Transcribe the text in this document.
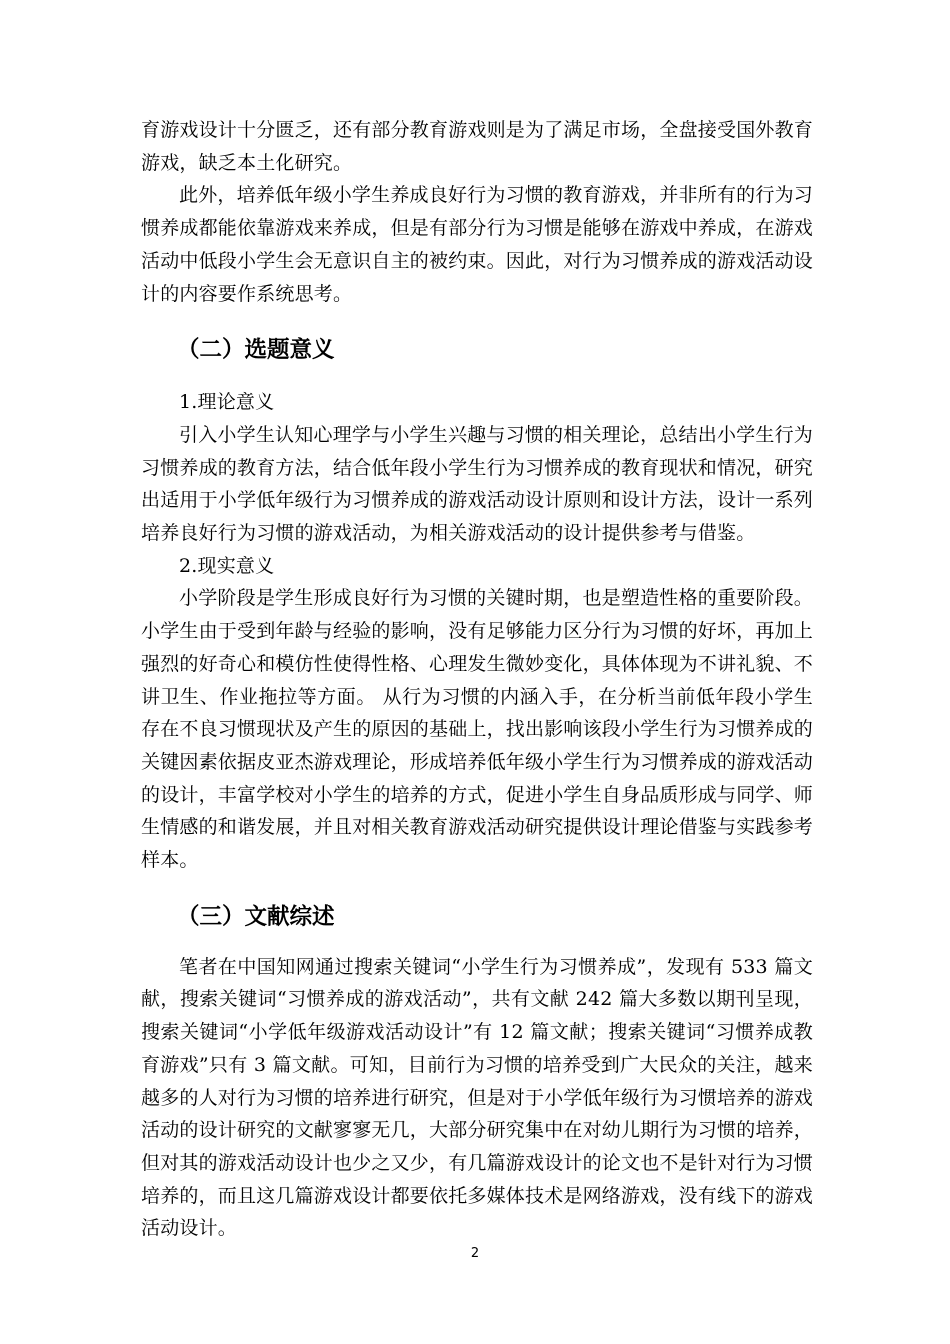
育游戏设计十分匮乏，还有部分教育游戏则是为了满足市场，全盘接受国外教育游戏，缺乏本土化研究。

此外，培养低年级小学生养成良好行为习惯的教育游戏，并非所有的行为习惯养成都能依靠游戏来养成，但是有部分行为习惯是能够在游戏中养成，在游戏活动中低段小学生会无意识自主的被约束。因此，对行为习惯养成的游戏活动设计的内容要作系统思考。

（二）选题意义

1.理论意义

引入小学生认知心理学与小学生兴趣与习惯的相关理论，总结出小学生行为习惯养成的教育方法，结合低年段小学生行为习惯养成的教育现状和情况，研究出适用于小学低年级行为习惯养成的游戏活动设计原则和设计方法，设计一系列培养良好行为习惯的游戏活动，为相关游戏活动的设计提供参考与借鉴。

2.现实意义

小学阶段是学生形成良好行为习惯的关键时期，也是塑造性格的重要阶段。小学生由于受到年龄与经验的影响，没有足够能力区分行为习惯的好坏，再加上强烈的好奇心和模仿性使得性格、心理发生微妙变化，具体体现为不讲礼貌、不讲卫生、作业拖拉等方面。 从行为习惯的内涵入手，在分析当前低年段小学生存在不良习惯现状及产生的原因的基础上，找出影响该段小学生行为习惯养成的关键因素依据皮亚杰游戏理论，形成培养低年级小学生行为习惯养成的游戏活动的设计，丰富学校对小学生的培养的方式，促进小学生自身品质形成与同学、师生情感的和谐发展，并且对相关教育游戏活动研究提供设计理论借鉴与实践参考样本。

（三）文献综述

笔者在中国知网通过搜索关键词“小学生行为习惯养成”，发现有 533 篇文献，搜索关键词“习惯养成的游戏活动”，共有文献 242 篇大多数以期刊呈现，搜索关键词“小学低年级游戏活动设计”有 12 篇文献；搜索关键词“习惯养成教育游戏”只有 3 篇文献。可知，目前行为习惯的培养受到广大民众的关注，越来越多的人对行为习惯的培养进行研究，但是对于小学低年级行为习惯培养的游戏活动的设计研究的文献寥寥无几，大部分研究集中在对幼儿期行为习惯的培养，但对其的游戏活动设计也少之又少，有几篇游戏设计的论文也不是针对行为习惯培养的，而且这几篇游戏设计都要依托多媒体技术是网络游戏，没有线下的游戏活动设计。

2
